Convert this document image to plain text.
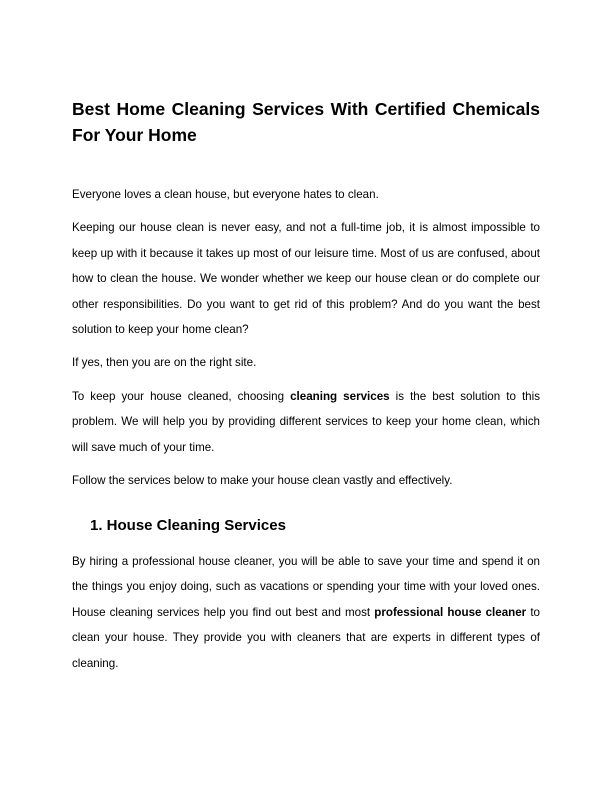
Best Home Cleaning Services With Certified Chemicals For Your Home

Everyone loves a clean house, but everyone hates to clean.

Keeping our house clean is never easy, and not a full-time job, it is almost impossible to keep up with it because it takes up most of our leisure time. Most of us are confused, about how to clean the house. We wonder whether we keep our house clean or do complete our other responsibilities. Do you want to get rid of this problem? And do you want the best solution to keep your home clean?

If yes, then you are on the right site.

To keep your house cleaned, choosing cleaning services is the best solution to this problem. We will help you by providing different services to keep your home clean, which will save much of your time.

Follow the services below to make your house clean vastly and effectively.

1. House Cleaning Services

By hiring a professional house cleaner, you will be able to save your time and spend it on the things you enjoy doing, such as vacations or spending your time with your loved ones. House cleaning services help you find out best and most professional house cleaner to clean your house. They provide you with cleaners that are experts in different types of cleaning.
